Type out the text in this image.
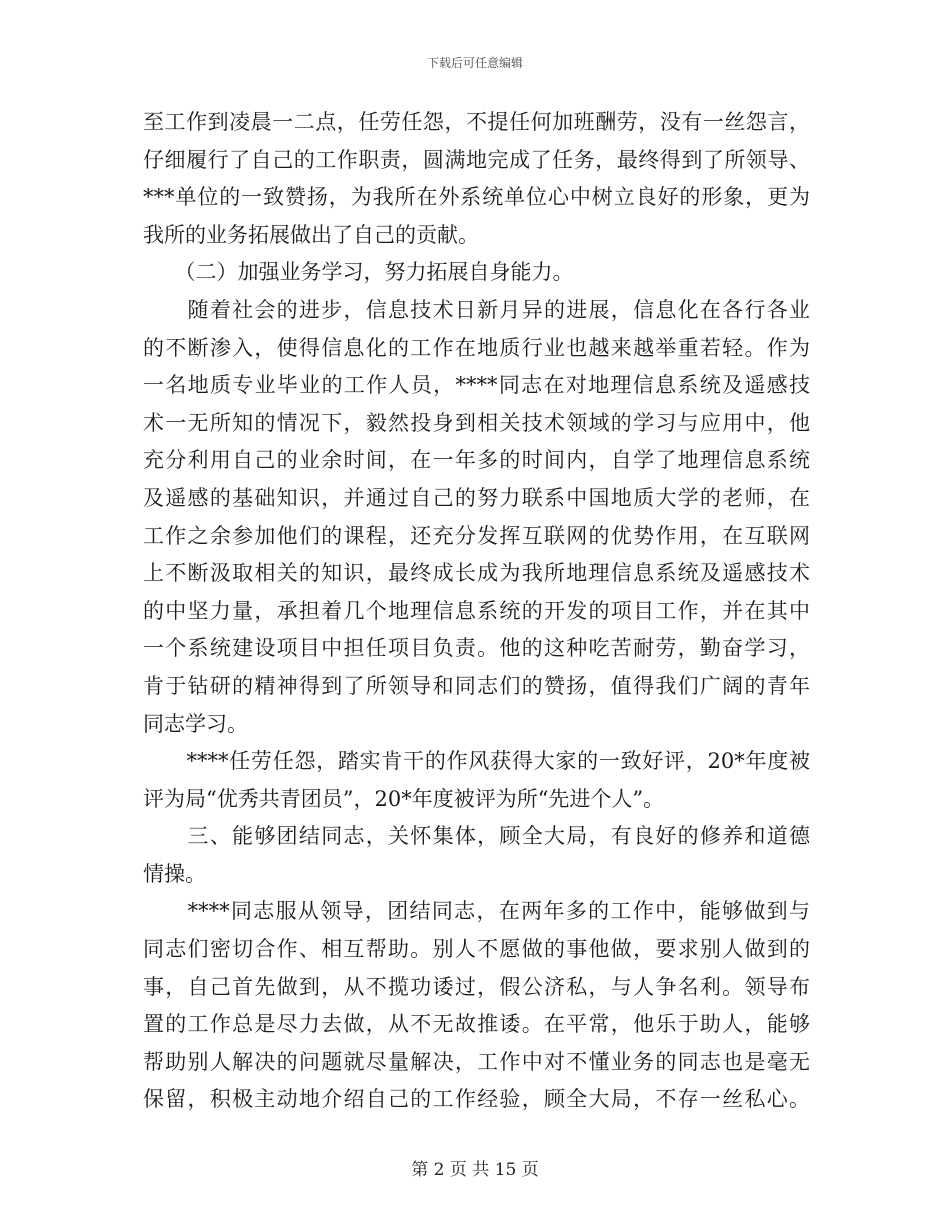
下载后可任意编辑
至工作到凌晨一二点，任劳任怨，不提任何加班酬劳，没有一丝怨言，
仔细履行了自己的工作职责，圆满地完成了任务，最终得到了所领导、
***单位的一致赞扬，为我所在外系统单位心中树立良好的形象，更为
我所的业务拓展做出了自己的贡献。
　　（二）加强业务学习，努力拓展自身能力。
　　随着社会的进步，信息技术日新月异的进展，信息化在各行各业
的不断渗入，使得信息化的工作在地质行业也越来越举重若轻。作为
一名地质专业毕业的工作人员，****同志在对地理信息系统及遥感技
术一无所知的情况下，毅然投身到相关技术领域的学习与应用中，他
充分利用自己的业余时间，在一年多的时间内，自学了地理信息系统
及遥感的基础知识，并通过自己的努力联系中国地质大学的老师，在
工作之余参加他们的课程，还充分发挥互联网的优势作用，在互联网
上不断汲取相关的知识，最终成长成为我所地理信息系统及遥感技术
的中坚力量，承担着几个地理信息系统的开发的项目工作，并在其中
一个系统建设项目中担任项目负责。他的这种吃苦耐劳，勤奋学习，
肯于钻研的精神得到了所领导和同志们的赞扬，值得我们广阔的青年
同志学习。
　　****任劳任怨，踏实肯干的作风获得大家的一致好评，20*年度被
评为局“优秀共青团员”，20*年度被评为所“先进个人”。
　　三、能够团结同志，关怀集体，顾全大局，有良好的修养和道德
情操。
　　****同志服从领导，团结同志，在两年多的工作中，能够做到与
同志们密切合作、相互帮助。别人不愿做的事他做，要求别人做到的
事，自己首先做到，从不揽功诿过，假公济私，与人争名利。领导布
置的工作总是尽力去做，从不无故推诿。在平常，他乐于助人，能够
帮助别人解决的问题就尽量解决，工作中对不懂业务的同志也是毫无
保留，积极主动地介绍自己的工作经验，顾全大局，不存一丝私心。
第 2 页 共 15 页
